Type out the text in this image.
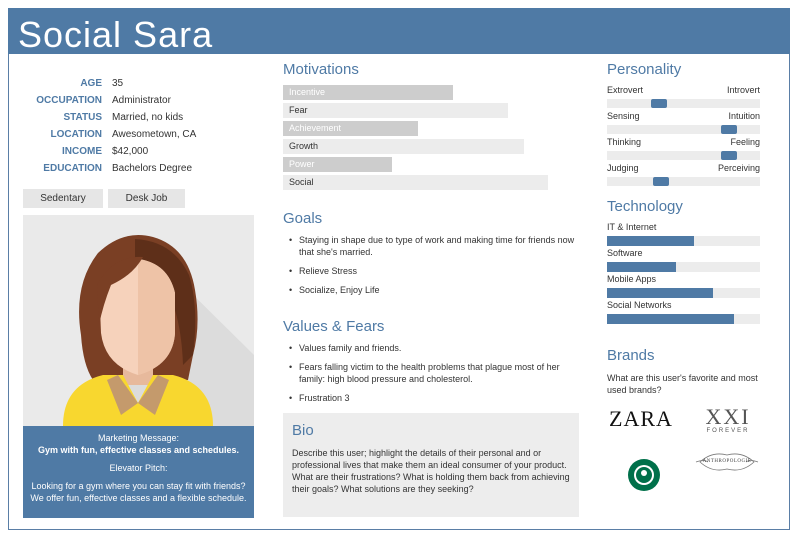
Social Sara
AGE 35
OCCUPATION Administrator
STATUS Married, no kids
LOCATION Awesometown, CA
INCOME $42,000
EDUCATION Bachelors Degree
Sedentary	Desk Job
Marketing Message:
Gym with fun, effective classes and schedules.
Elevator Pitch:
Looking for a gym where you can stay fit with friends?
We offer fun, effective classes and a flexible schedule.
Motivations
Incentive
Fear
Achievement
Growth
Power
Social
Goals
• Staying in shape due to type of work and making time for friends now that she's married.
• Relieve Stress
• Socialize, Enjoy Life
Values & Fears
• Values family and friends.
• Fears falling victim to the health problems that plague most of her family: high blood pressure and cholesterol.
• Frustration 3
Bio

Describe this user; highlight the details of their personal and or professional lives that make them an ideal consumer of your product. What are their frustrations? What is holding them back from achieving their goals? What solutions are they seeking?

Personality
Extrovert	Introvert
Sensing	Intuition
Thinking	Feeling
Judging	Perceiving
Technology
IT & Internet
Software
Mobile Apps
Social Networks
Brands
What are this user's favorite and most used brands?
ZARA	XXI
FOREVER
ANTHROPOLOGIE
